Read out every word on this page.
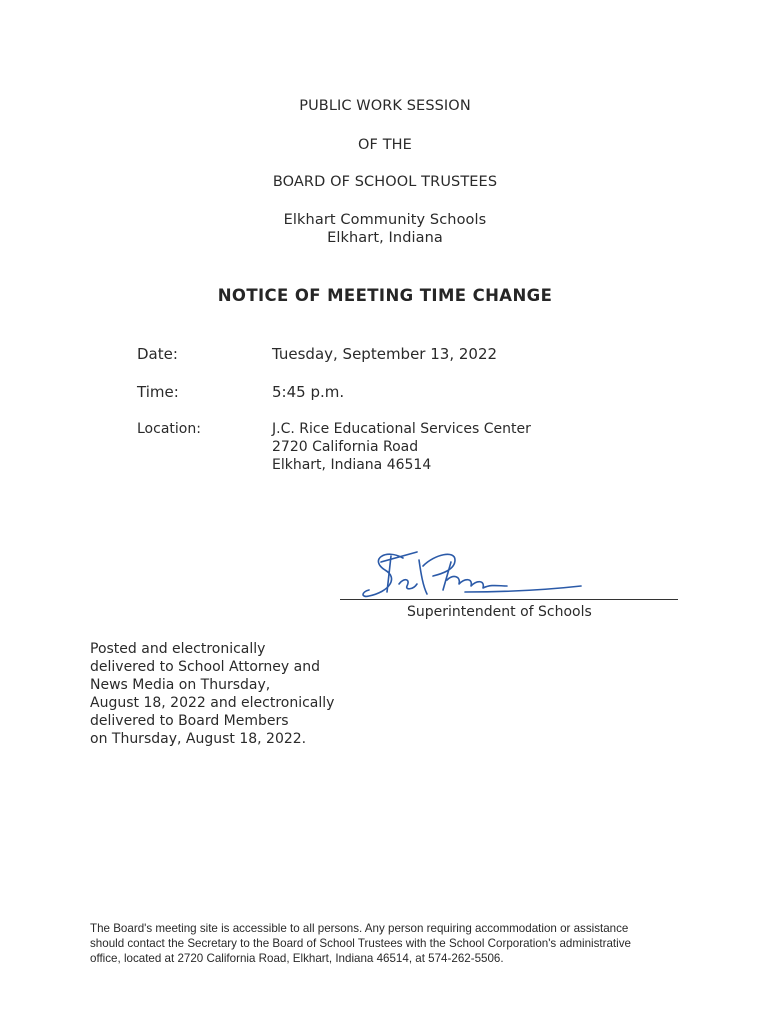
PUBLIC WORK SESSION
OF THE
BOARD OF SCHOOL TRUSTEES
Elkhart Community Schools
Elkhart, Indiana
NOTICE OF MEETING TIME CHANGE
Date:	Tuesday, September 13, 2022
Time:	5:45 p.m.
Location:	J.C. Rice Educational Services Center
2720 California Road
Elkhart, Indiana 46514
Superintendent of Schools
Posted and electronically
delivered to School Attorney and
News Media on Thursday,
August 18, 2022 and electronically
delivered to Board Members
on Thursday, August 18, 2022.
The Board's meeting site is accessible to all persons. Any person requiring accommodation or assistance
should contact the Secretary to the Board of School Trustees with the School Corporation's administrative
office, located at 2720 California Road, Elkhart, Indiana 46514, at 574-262-5506.
